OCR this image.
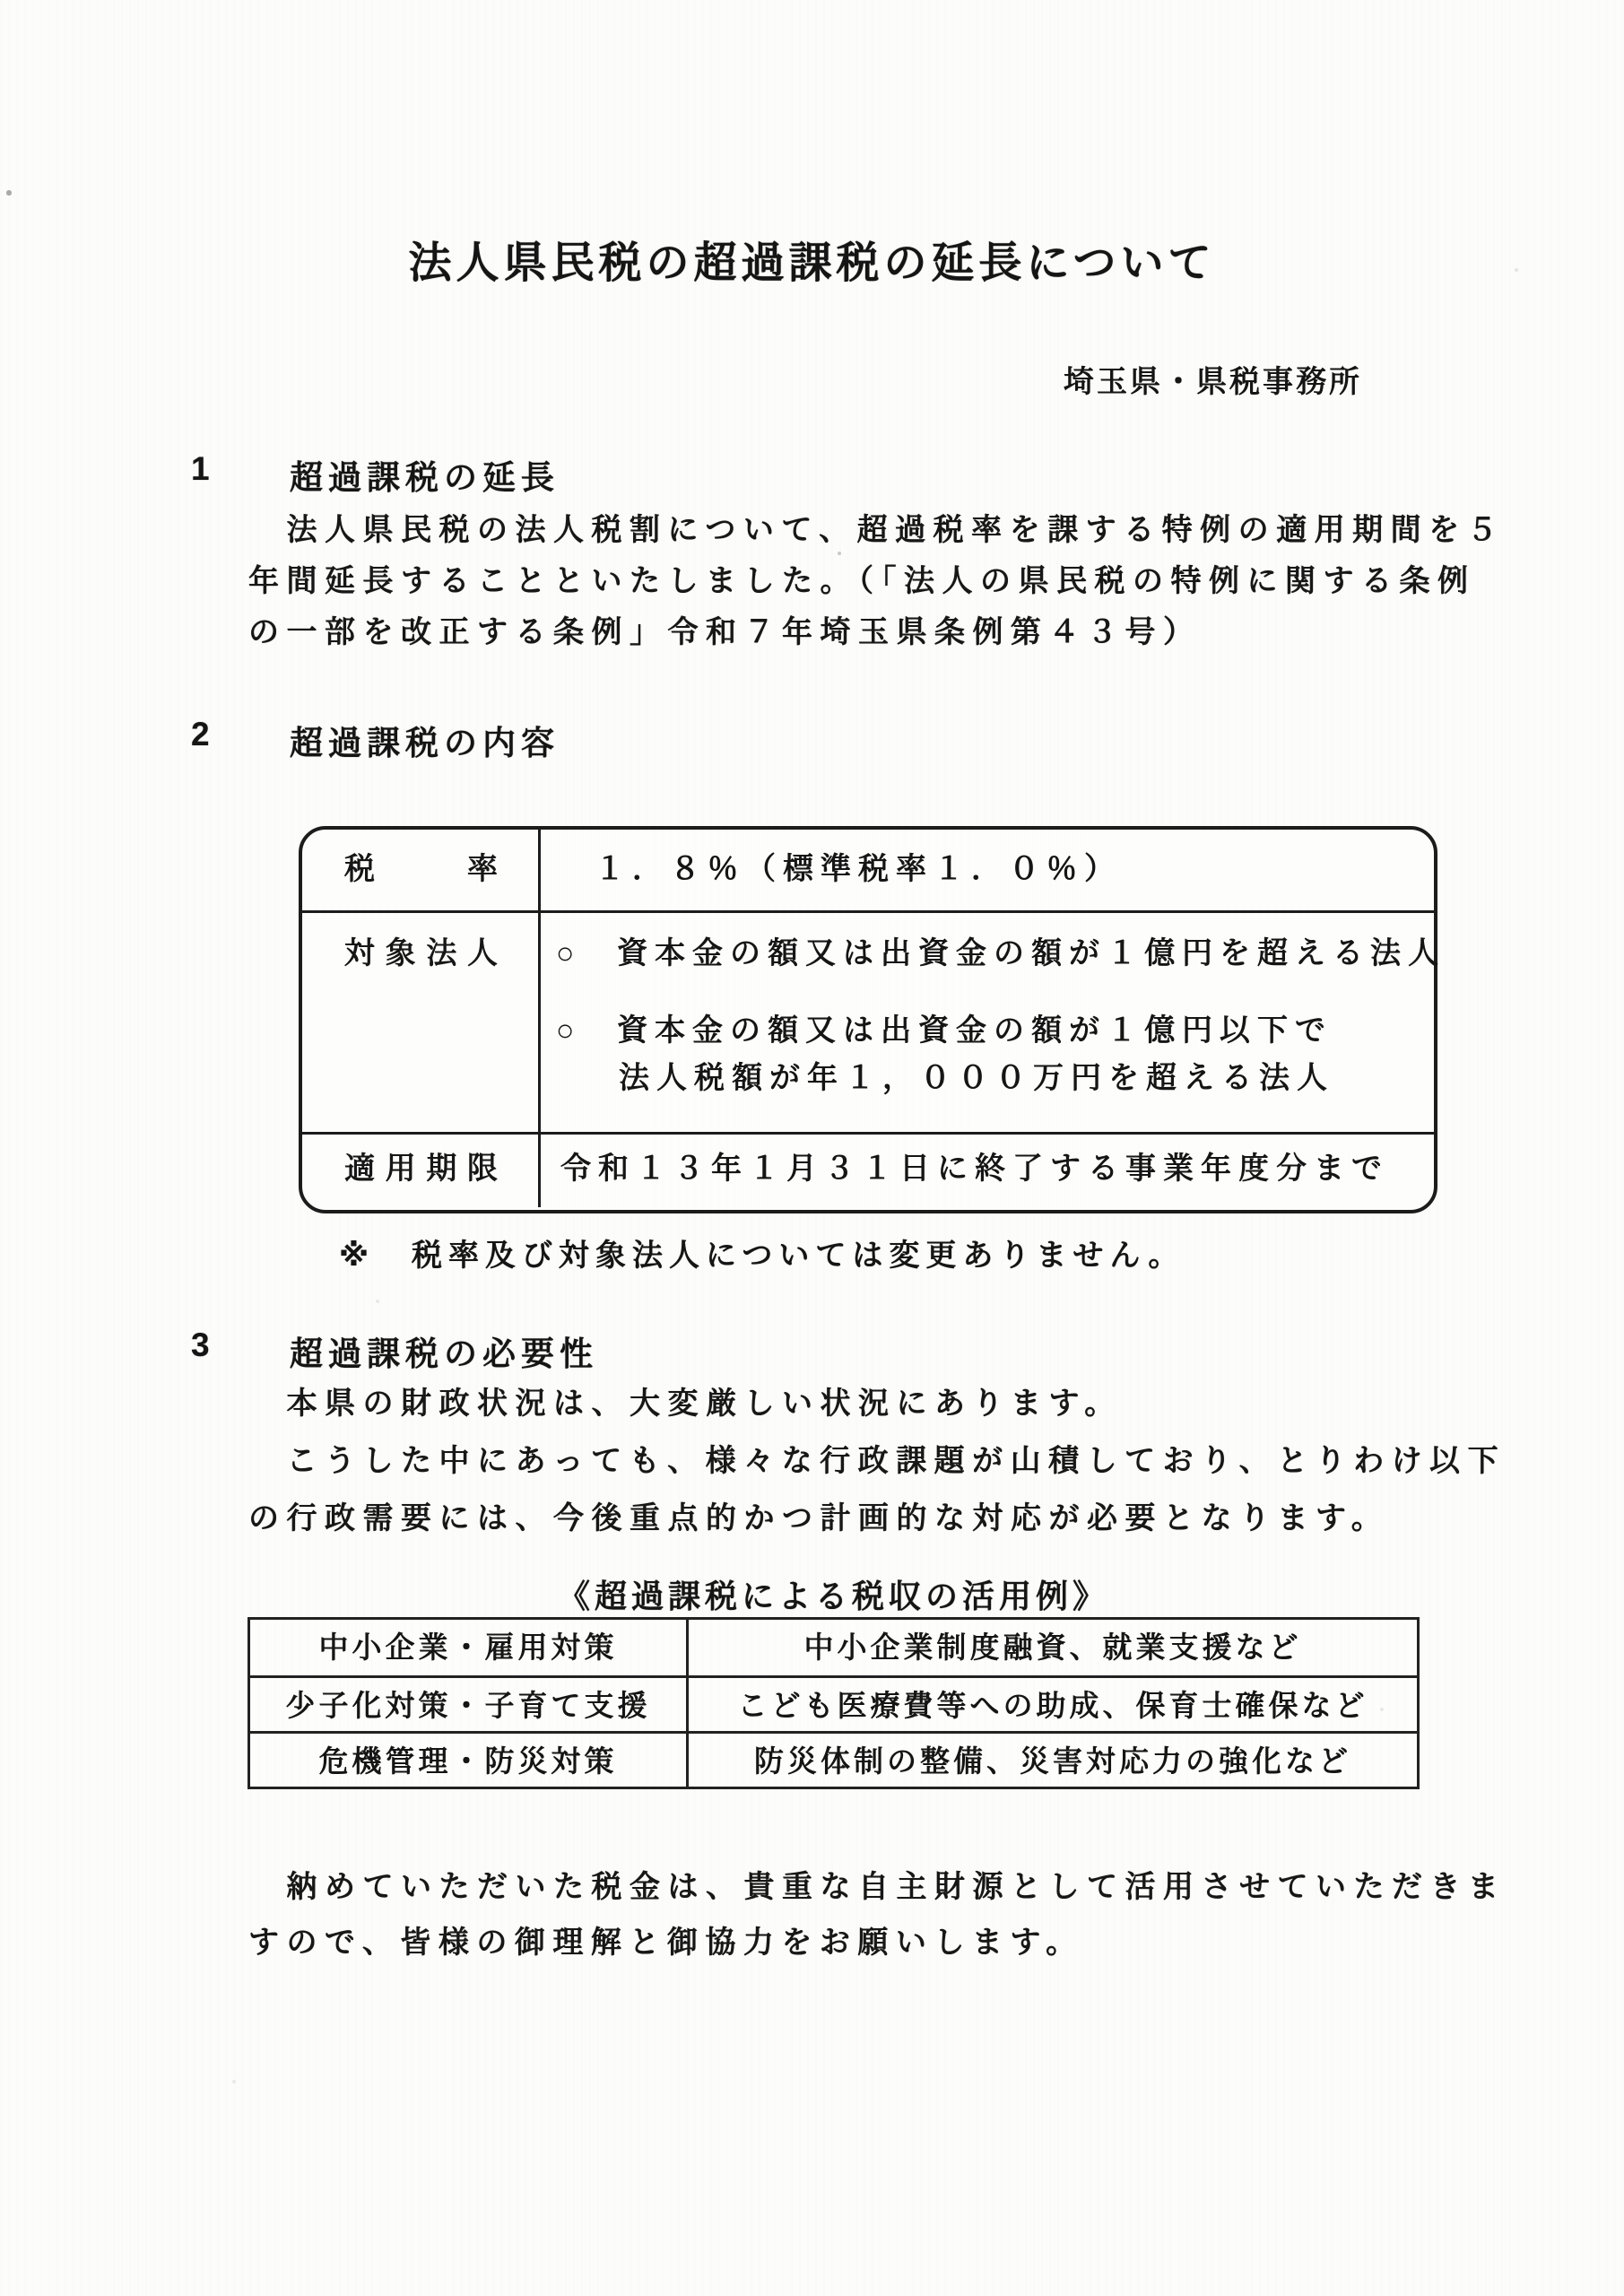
法人県民税の超過課税の延長について
埼玉県・県税事務所
1	超過課税の延長
　法人県民税の法人税割について、超過税率を課する特例の適用期間を５
年間延長することといたしました。（「法人の県民税の特例に関する条例
の一部を改正する条例」令和７年埼玉県条例第４３号）
2	超過課税の内容
税率	１．８％（標準税率１．０％）
対象法人	○	資本金の額又は出資金の額が１億円を超える法人
○	資本金の額又は出資金の額が１億円以下で
法人税額が年１，０００万円を超える法人
適用期限	令和１３年１月３１日に終了する事業年度分まで
※　税率及び対象法人については変更ありません。
3	超過課税の必要性
　本県の財政状況は、大変厳しい状況にあります。
　こうした中にあっても、様々な行政課題が山積しており、とりわけ以下
の行政需要には、今後重点的かつ計画的な対応が必要となります。
《超過課税による税収の活用例》
中小企業・雇用対策	中小企業制度融資、就業支援など
少子化対策・子育て支援	こども医療費等への助成、保育士確保など
危機管理・防災対策	防災体制の整備、災害対応力の強化など
　納めていただいた税金は、貴重な自主財源として活用させていただきま
すので、皆様の御理解と御協力をお願いします。
